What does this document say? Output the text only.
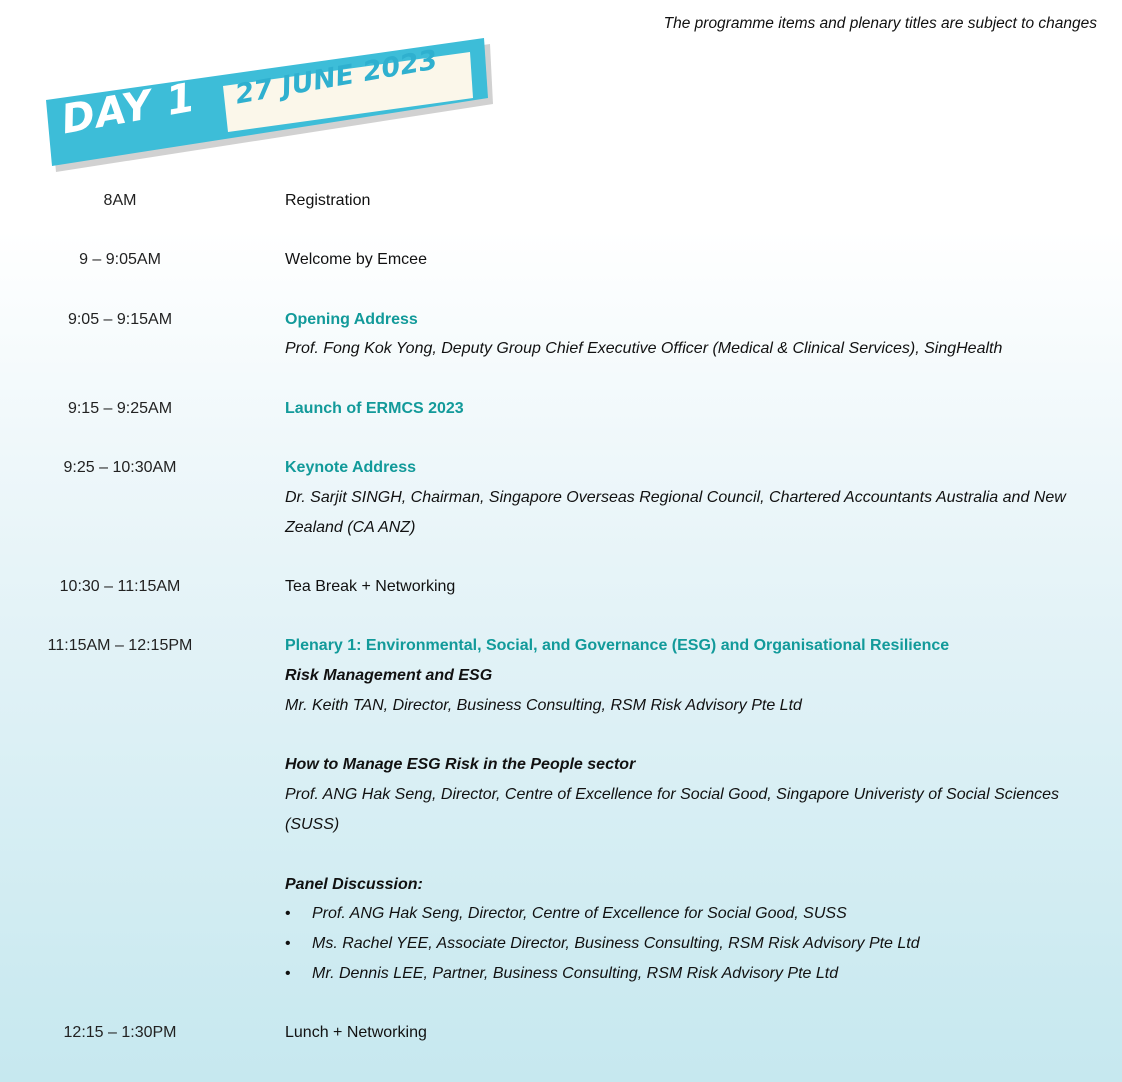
The programme items and plenary titles are subject to changes
DAY 1 27 JUNE 2023
8AM	Registration
9 – 9:05AM	Welcome by Emcee
9:05 – 9:15AM	Opening Address
Prof. Fong Kok Yong, Deputy Group Chief Executive Officer (Medical & Clinical Services), SingHealth
9:15 – 9:25AM	Launch of ERMCS 2023
9:25 – 10:30AM	Keynote Address
Dr. Sarjit SINGH, Chairman, Singapore Overseas Regional Council, Chartered Accountants Australia and New Zealand (CA ANZ)
10:30 – 11:15AM	Tea Break + Networking
11:15AM – 12:15PM	Plenary 1: Environmental, Social, and Governance (ESG) and Organisational Resilience
Risk Management and ESG
Mr. Keith TAN, Director, Business Consulting, RSM Risk Advisory Pte Ltd
How to Manage ESG Risk in the People sector
Prof. ANG Hak Seng, Director, Centre of Excellence for Social Good, Singapore Univeristy of Social Sciences (SUSS)
Panel Discussion:
•	Prof. ANG Hak Seng, Director, Centre of Excellence for Social Good, SUSS
•	Ms. Rachel YEE, Associate Director, Business Consulting, RSM Risk Advisory Pte Ltd
•	Mr. Dennis LEE, Partner, Business Consulting, RSM Risk Advisory Pte Ltd
12:15 – 1:30PM	Lunch + Networking
